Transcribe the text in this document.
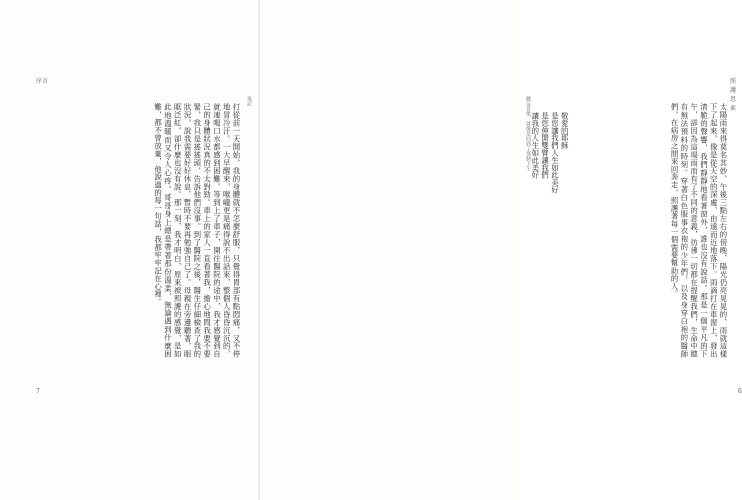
序言
後記

打從前一天開始，我的身體就不怎麼舒服，只覺得胃部有點悶痛，又不停地冒冷汗。一大早醒來，喉嚨更是痛得說不出話來，整個人昏昏沉沉的，就連喝口水都感到困難。等到上了車子，開往醫院的途中，我才感覺到自己的身體狀況真的不太對勁。車上的家人一直看著我，擔心地問我要不要緊，我只是搖搖頭，告訴他們沒事。到了醫院之後，醫生仔細檢查了我的狀況，說我需要好好休息，暫時不要再勉強自己了。母親在旁邊聽著，眼眶泛紅，卻什麼也沒有說。那一刻，我才明白，原來被照護的感覺，是如此地溫暖而又令人心疼。哥哥身上總是帶著那份溫柔，無論遇到什麼困難，都不曾放棄，他說過的每一句話，我都牢牢記在心裡。

7
照護思索

太陽雨來得莫名其妙，午後三點左右的傍晚，陽光仍亮晃晃的，雨就這樣下了起來，像是從天空的深處、由遠而近地落下。雨滴打在車窗上，發出清脆的聲響，我們靜靜地看著窗外，誰也沒有說話。那是一個平凡的下午，卻因為這場雨而有了不同的意義，彷彿一切都在提醒我們，生命中總有無法預料的時刻。穿著白色服事衣袍的少年們，以及身穿白袍的醫師們，在病房之間來回奔走，照護著每一個需要幫助的人。

敬愛的耶穌
是您讓我們人生如此美好
是您伸開雙臂讓我們
讓我的人生如此美好
聽這首歌，就像是回到了那個下午
6
